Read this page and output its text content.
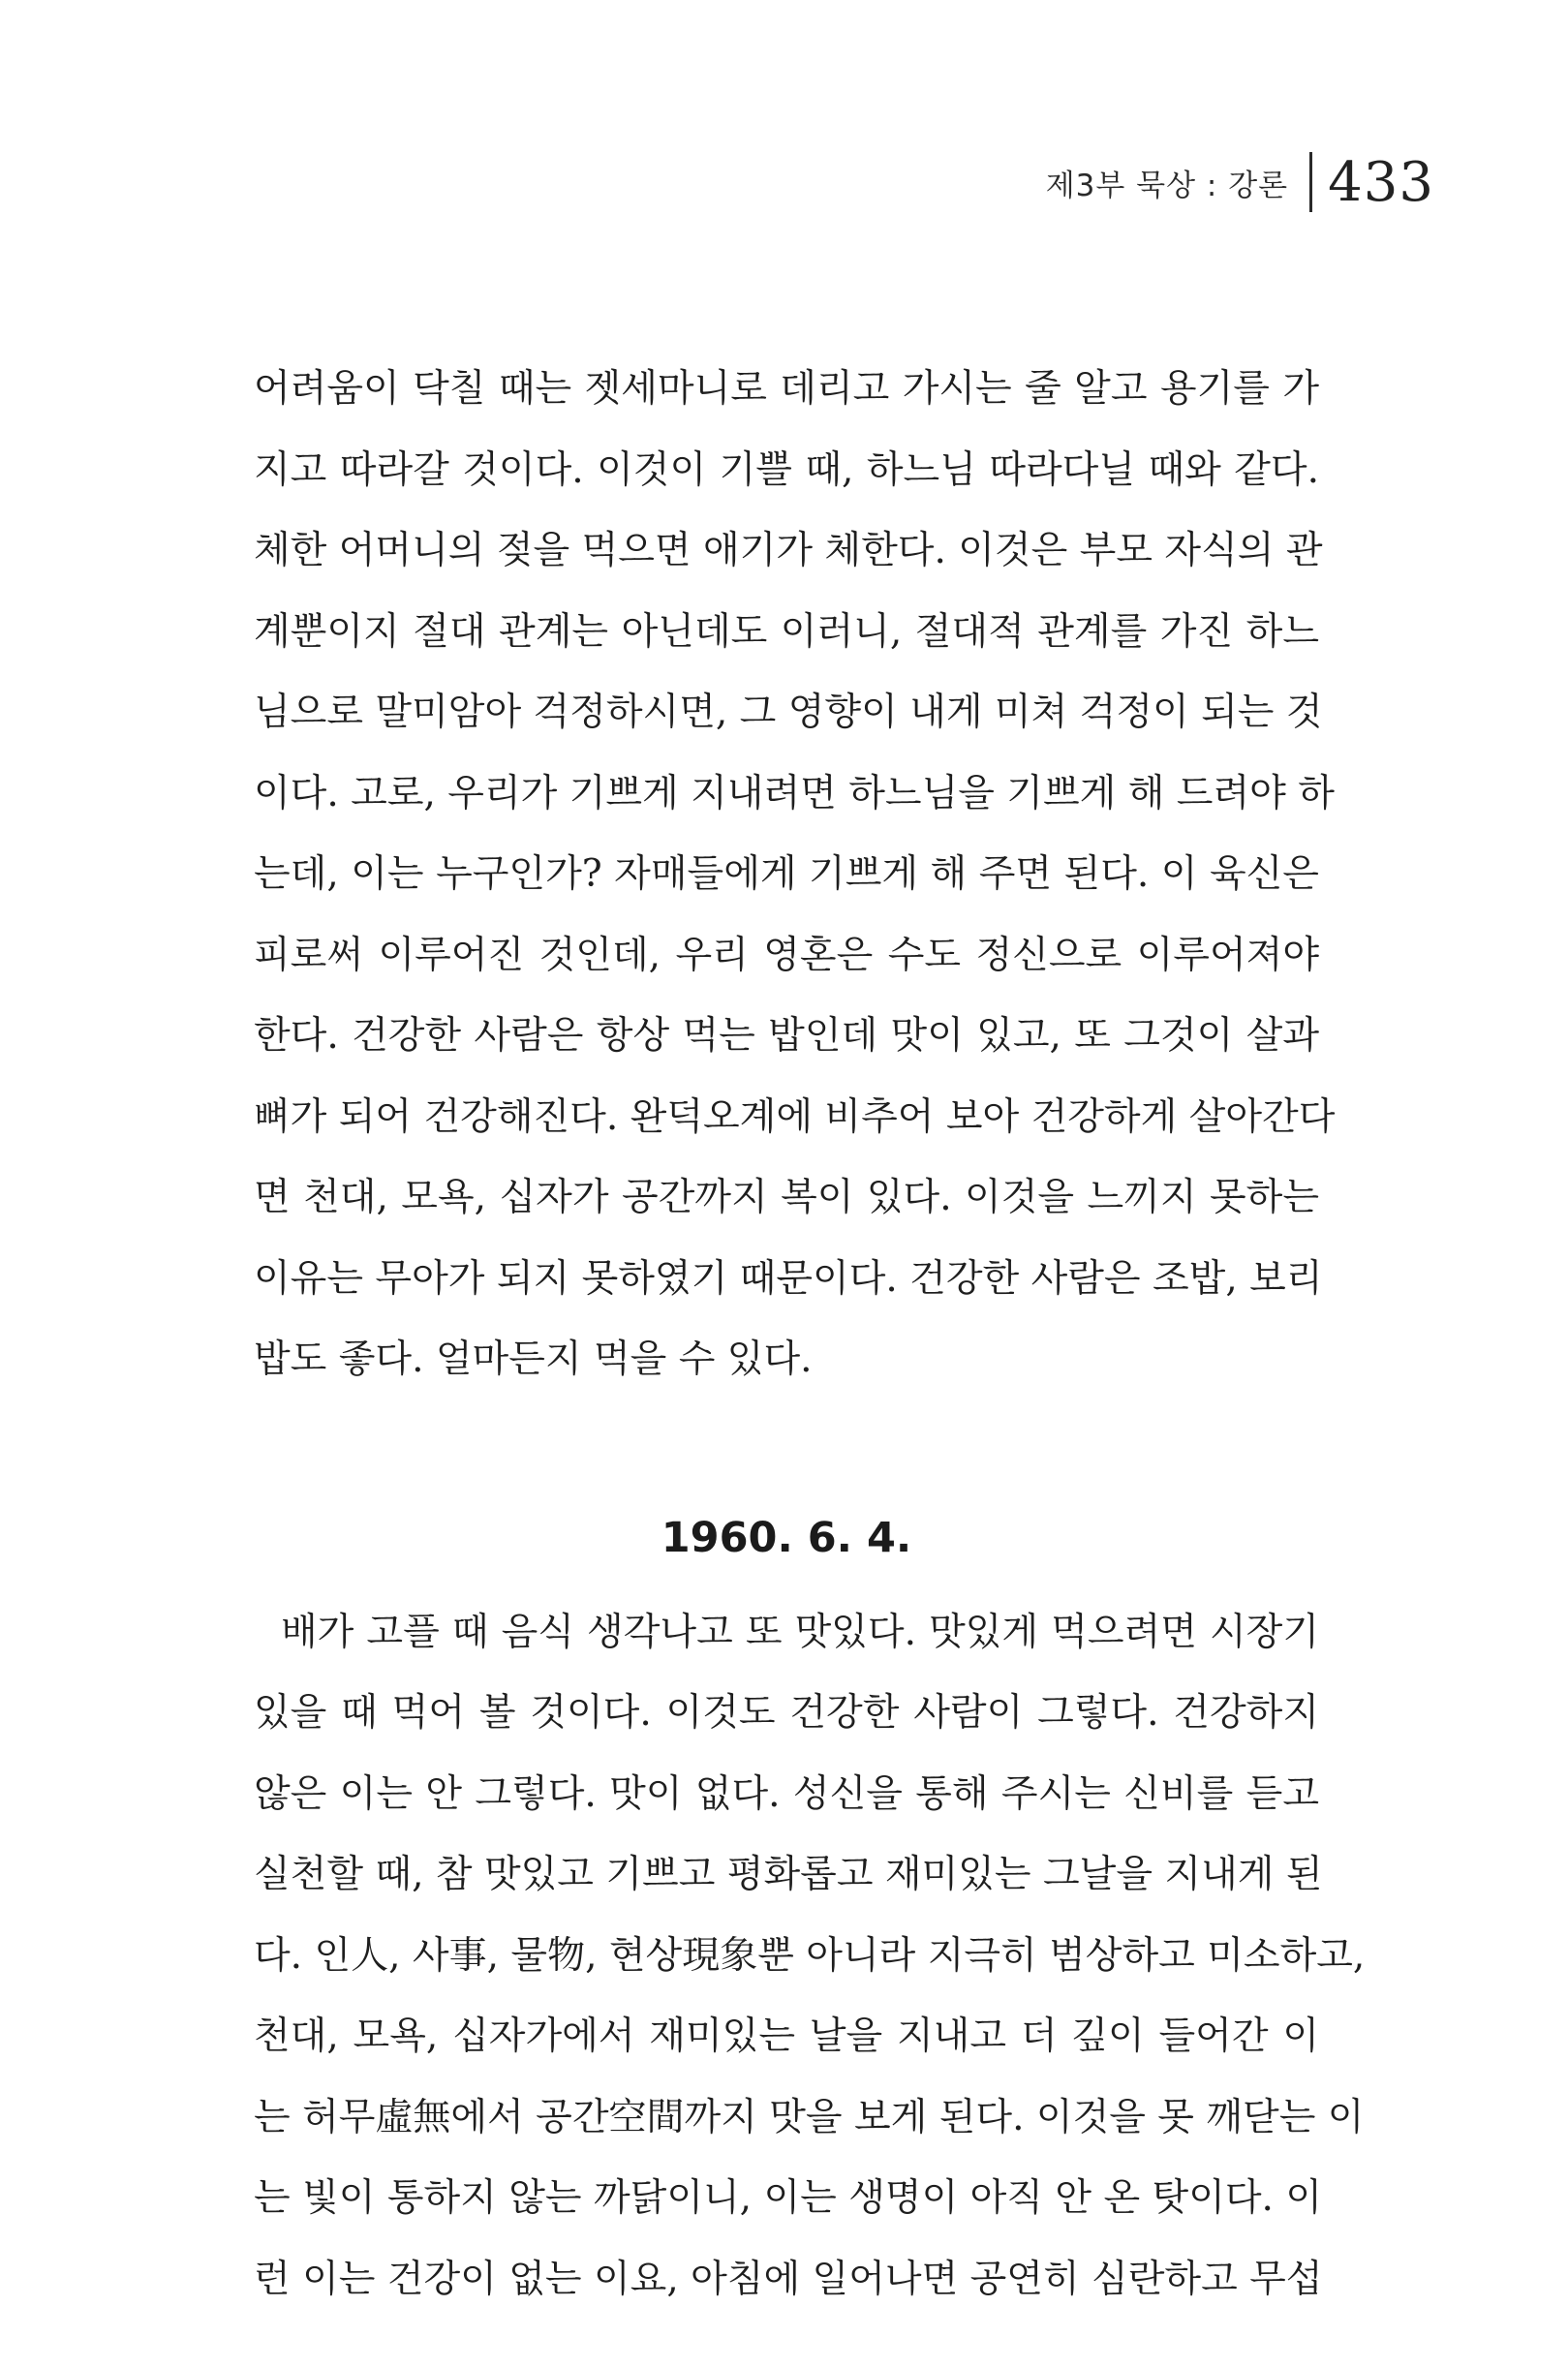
제3부 묵상 : 강론 433
어려움이 닥칠 때는 젯세마니로 데리고 가시는 줄 알고 용기를 가
지고 따라갈 것이다. 이것이 기쁠 때, 하느님 따라다닐 때와 같다.
체한 어머니의 젖을 먹으면 애기가 체한다. 이것은 부모 자식의 관
계뿐이지 절대 관계는 아닌데도 이러니, 절대적 관계를 가진 하느
님으로 말미암아 걱정하시면, 그 영향이 내게 미쳐 걱정이 되는 것
이다. 고로, 우리가 기쁘게 지내려면 하느님을 기쁘게 해 드려야 하
는데, 이는 누구인가? 자매들에게 기쁘게 해 주면 된다. 이 육신은
피로써 이루어진 것인데, 우리 영혼은 수도 정신으로 이루어져야
한다. 건강한 사람은 항상 먹는 밥인데 맛이 있고, 또 그것이 살과
뼈가 되어 건강해진다. 완덕오계에 비추어 보아 건강하게 살아간다
면 천대, 모욕, 십자가 공간까지 복이 있다. 이것을 느끼지 못하는
이유는 무아가 되지 못하였기 때문이다. 건강한 사람은 조밥, 보리
밥도 좋다. 얼마든지 먹을 수 있다.
1960. 6. 4.
배가 고플 때 음식 생각나고 또 맛있다. 맛있게 먹으려면 시장기
있을 때 먹어 볼 것이다. 이것도 건강한 사람이 그렇다. 건강하지
않은 이는 안 그렇다. 맛이 없다. 성신을 통해 주시는 신비를 듣고
실천할 때, 참 맛있고 기쁘고 평화롭고 재미있는 그날을 지내게 된
다. 인人, 사事, 물物, 현상現象뿐 아니라 지극히 범상하고 미소하고,
천대, 모욕, 십자가에서 재미있는 날을 지내고 더 깊이 들어간 이
는 허무虛無에서 공간空間까지 맛을 보게 된다. 이것을 못 깨닫는 이
는 빛이 통하지 않는 까닭이니, 이는 생명이 아직 안 온 탓이다. 이
런 이는 건강이 없는 이요, 아침에 일어나면 공연히 심란하고 무섭
